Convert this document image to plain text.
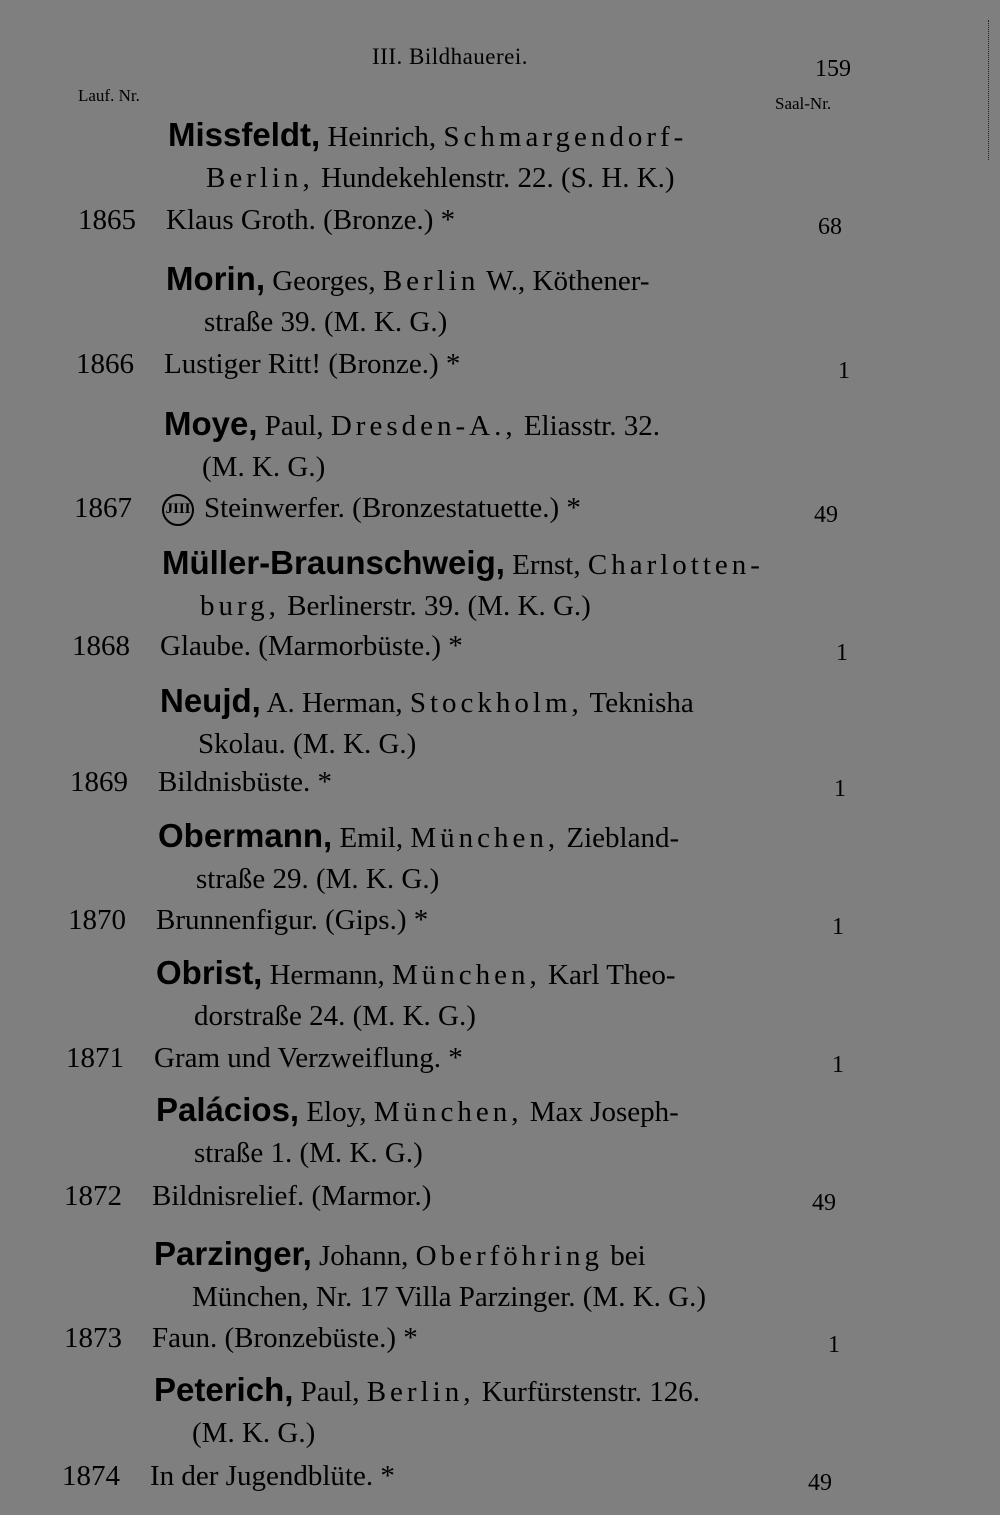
III. Bildhauerei.	159
Lauf. Nr.	Saal-Nr.
Missfeldt, Heinrich, Schmargendorf-
Berlin, Hundekehlenstr. 22. (S. H. K.)
1865 Klaus Groth. (Bronze.) *	68
Morin, Georges, Berlin W., Köthener-
straße 39. (M. K. G.)
1866 Lustiger Ritt! (Bronze.) *	1
Moye, Paul, Dresden-A., Eliasstr. 32.
(M. K. G.)
1867 JIII Steinwerfer. (Bronzestatuette.) *	49
Müller-Braunschweig, Ernst, Charlotten-
burg, Berlinerstr. 39. (M. K. G.)
1868 Glaube. (Marmorbüste.) *	1
Neujd, A. Herman, Stockholm, Teknisha
Skolau. (M. K. G.)
1869 Bildnisbüste. *	1
Obermann, Emil, München, Ziebland-
straße 29. (M. K. G.)
1870 Brunnenfigur. (Gips.) *	1
Obrist, Hermann, München, Karl Theo-
dorstraße 24. (M. K. G.)
1871 Gram und Verzweiflung. *	1
Palácios, Eloy, München, Max Joseph-
straße 1. (M. K. G.)
1872 Bildnisrelief. (Marmor.)	49
Parzinger, Johann, Oberföhring bei
München, Nr. 17 Villa Parzinger. (M. K. G.)
1873 Faun. (Bronzebüste.) *	1
Peterich, Paul, Berlin, Kurfürstenstr. 126.
(M. K. G.)
1874 In der Jugendblüte. *	49
